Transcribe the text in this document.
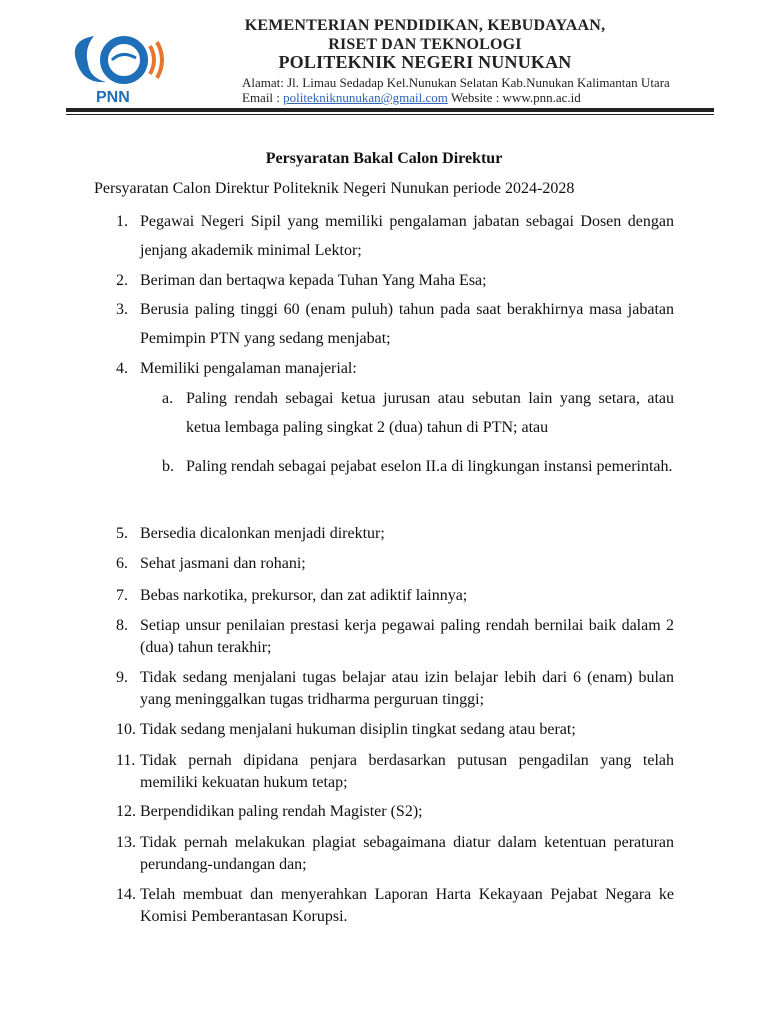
PNN
KEMENTERIAN PENDIDIKAN, KEBUDAYAAN,
RISET DAN TEKNOLOGI
POLITEKNIK NEGERI NUNUKAN
Alamat: Jl. Limau Sedadap Kel.Nunukan Selatan Kab.Nunukan Kalimantan Utara
Email : politekniknunukan@gmail.com Website : www.pnn.ac.id
Persyaratan Bakal Calon Direktur
Persyaratan Calon Direktur Politeknik Negeri Nunukan periode 2024-2028
1. Pegawai Negeri Sipil yang memiliki pengalaman jabatan sebagai Dosen dengan jenjang akademik minimal Lektor;
2. Beriman dan bertaqwa kepada Tuhan Yang Maha Esa;
3. Berusia paling tinggi 60 (enam puluh) tahun pada saat berakhirnya masa jabatan Pemimpin PTN yang sedang menjabat;
4. Memiliki pengalaman manajerial:
a. Paling rendah sebagai ketua jurusan atau sebutan lain yang setara, atau ketua lembaga paling singkat 2 (dua) tahun di PTN; atau
b. Paling rendah sebagai pejabat eselon II.a di lingkungan instansi pemerintah.
5. Bersedia dicalonkan menjadi direktur;
6. Sehat jasmani dan rohani;
7. Bebas narkotika, prekursor, dan zat adiktif lainnya;
8. Setiap unsur penilaian prestasi kerja pegawai paling rendah bernilai baik dalam 2 (dua) tahun terakhir;
9. Tidak sedang menjalani tugas belajar atau izin belajar lebih dari 6 (enam) bulan yang meninggalkan tugas tridharma perguruan tinggi;
10. Tidak sedang menjalani hukuman disiplin tingkat sedang atau berat;
11. Tidak pernah dipidana penjara berdasarkan putusan pengadilan yang telah memiliki kekuatan hukum tetap;
12. Berpendidikan paling rendah Magister (S2);
13. Tidak pernah melakukan plagiat sebagaimana diatur dalam ketentuan peraturan perundang-undangan dan;
14. Telah membuat dan menyerahkan Laporan Harta Kekayaan Pejabat Negara ke Komisi Pemberantasan Korupsi.
